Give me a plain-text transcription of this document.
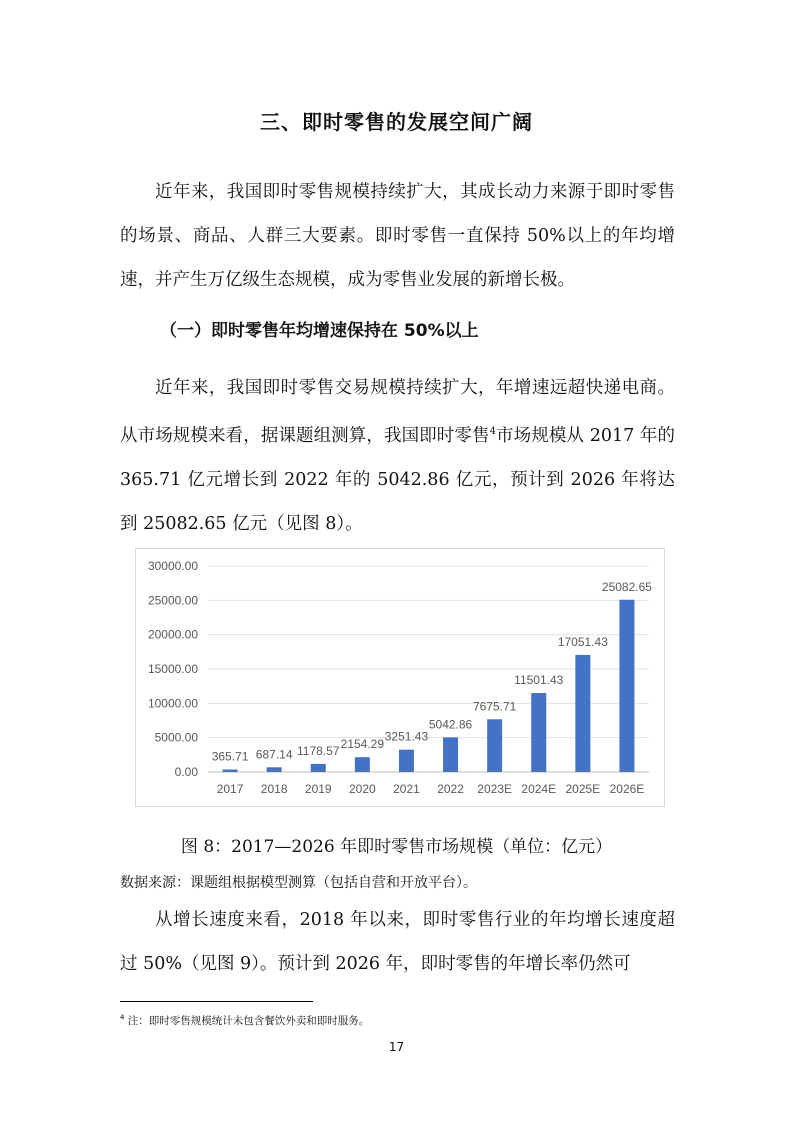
三、即时零售的发展空间广阔
近年来，我国即时零售规模持续扩大，其成长动力来源于即时零售的场景、商品、人群三大要素。即时零售一直保持 50%以上的年均增速，并产生万亿级生态规模，成为零售业发展的新增长极。
（一）即时零售年均增速保持在 50%以上
近年来，我国即时零售交易规模持续扩大，年增速远超快递电商。从市场规模来看，据课题组测算，我国即时零售$^4$市场规模从 2017 年的 365.71 亿元增长到 2022 年的 5042.86 亿元，预计到 2026 年将达到 25082.65 亿元（见图 8）。
0.00
5000.00
10000.00
15000.00
20000.00
25000.00
30000.00
365.71
2017
687.14
2018
1178.57
2019
2154.29
2020
3251.43
2021
5042.86
2022
7675.71
2023E
11501.43
2024E
17051.43
2025E
25082.65
2026E
图 8：2017—2026 年即时零售市场规模（单位：亿元）
数据来源：课题组根据模型测算（包括自营和开放平台）。
从增长速度来看，2018 年以来，即时零售行业的年均增长速度超过 50%（见图 9）。预计到 2026 年，即时零售的年增长率仍然可
$^4$ 注：即时零售规模统计未包含餐饮外卖和即时服务。
17
